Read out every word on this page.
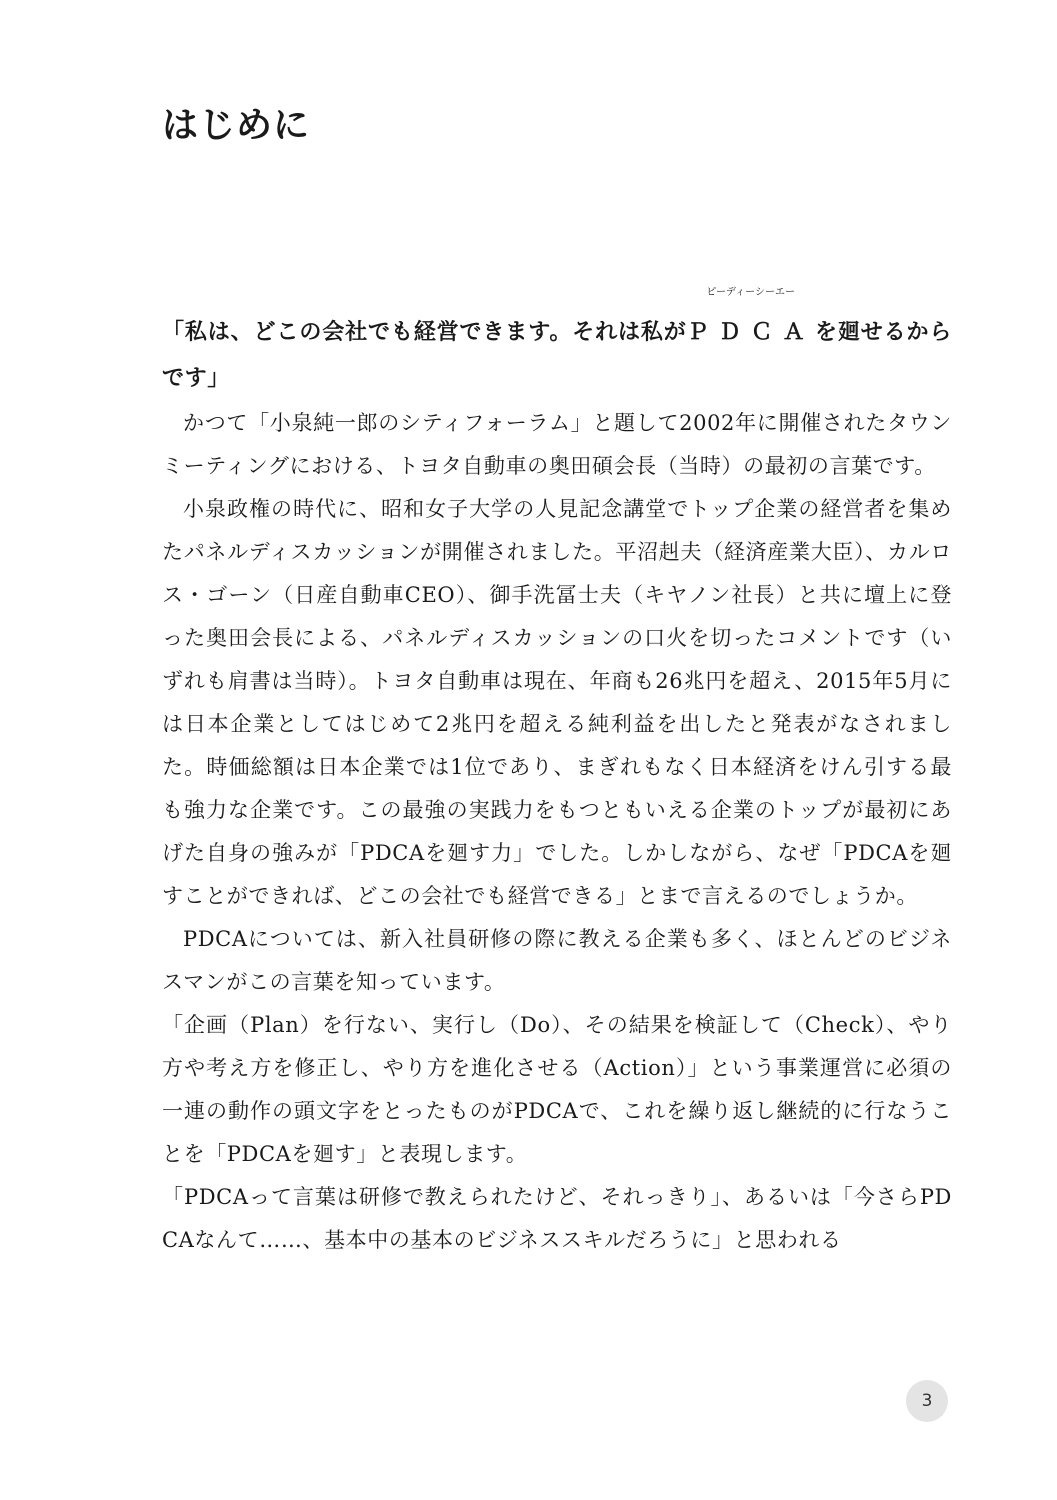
はじめに

「私は、どこの会社でも経営できます。それは私が
ピーディーシーエー
ＰＤＣＡを廻せるからです」

かつて「小泉純一郎のシティフォーラム」と題して2002年に開催されたタウンミーティングにおける、トヨタ自動車の奥田碩会長（当時）の最初の言葉です。

小泉政権の時代に、昭和女子大学の人見記念講堂でトップ企業の経営者を集めたパネルディスカッションが開催されました。平沼赳夫（経済産業大臣）、カルロス・ゴーン（日産自動車CEO）、御手洗冨士夫（キヤノン社長）と共に壇上に登った奥田会長による、パネルディスカッションの口火を切ったコメントです（いずれも肩書は当時）。トヨタ自動車は現在、年商も26兆円を超え、2015年5月には日本企業としてはじめて2兆円を超える純利益を出したと発表がなされました。時価総額は日本企業では1位であり、まぎれもなく日本経済をけん引する最も強力な企業です。この最強の実践力をもつともいえる企業のトップが最初にあげた自身の強みが「PDCAを廻す力」でした。しかしながら、なぜ「PDCAを廻すことができれば、どこの会社でも経営できる」とまで言えるのでしょうか。

PDCAについては、新入社員研修の際に教える企業も多く、ほとんどのビジネスマンがこの言葉を知っています。

「企画（Plan）を行ない、実行し（Do）、その結果を検証して（Check）、やり方や考え方を修正し、やり方を進化させる（Action）」という事業運営に必須の一連の動作の頭文字をとったものがPDCAで、これを繰り返し継続的に行なうことを「PDCAを廻す」と表現します。

「PDCAって言葉は研修で教えられたけど、それっきり」、あるいは「今さらPDCAなんて……、基本中の基本のビジネススキルだろうに」と思われる

3
